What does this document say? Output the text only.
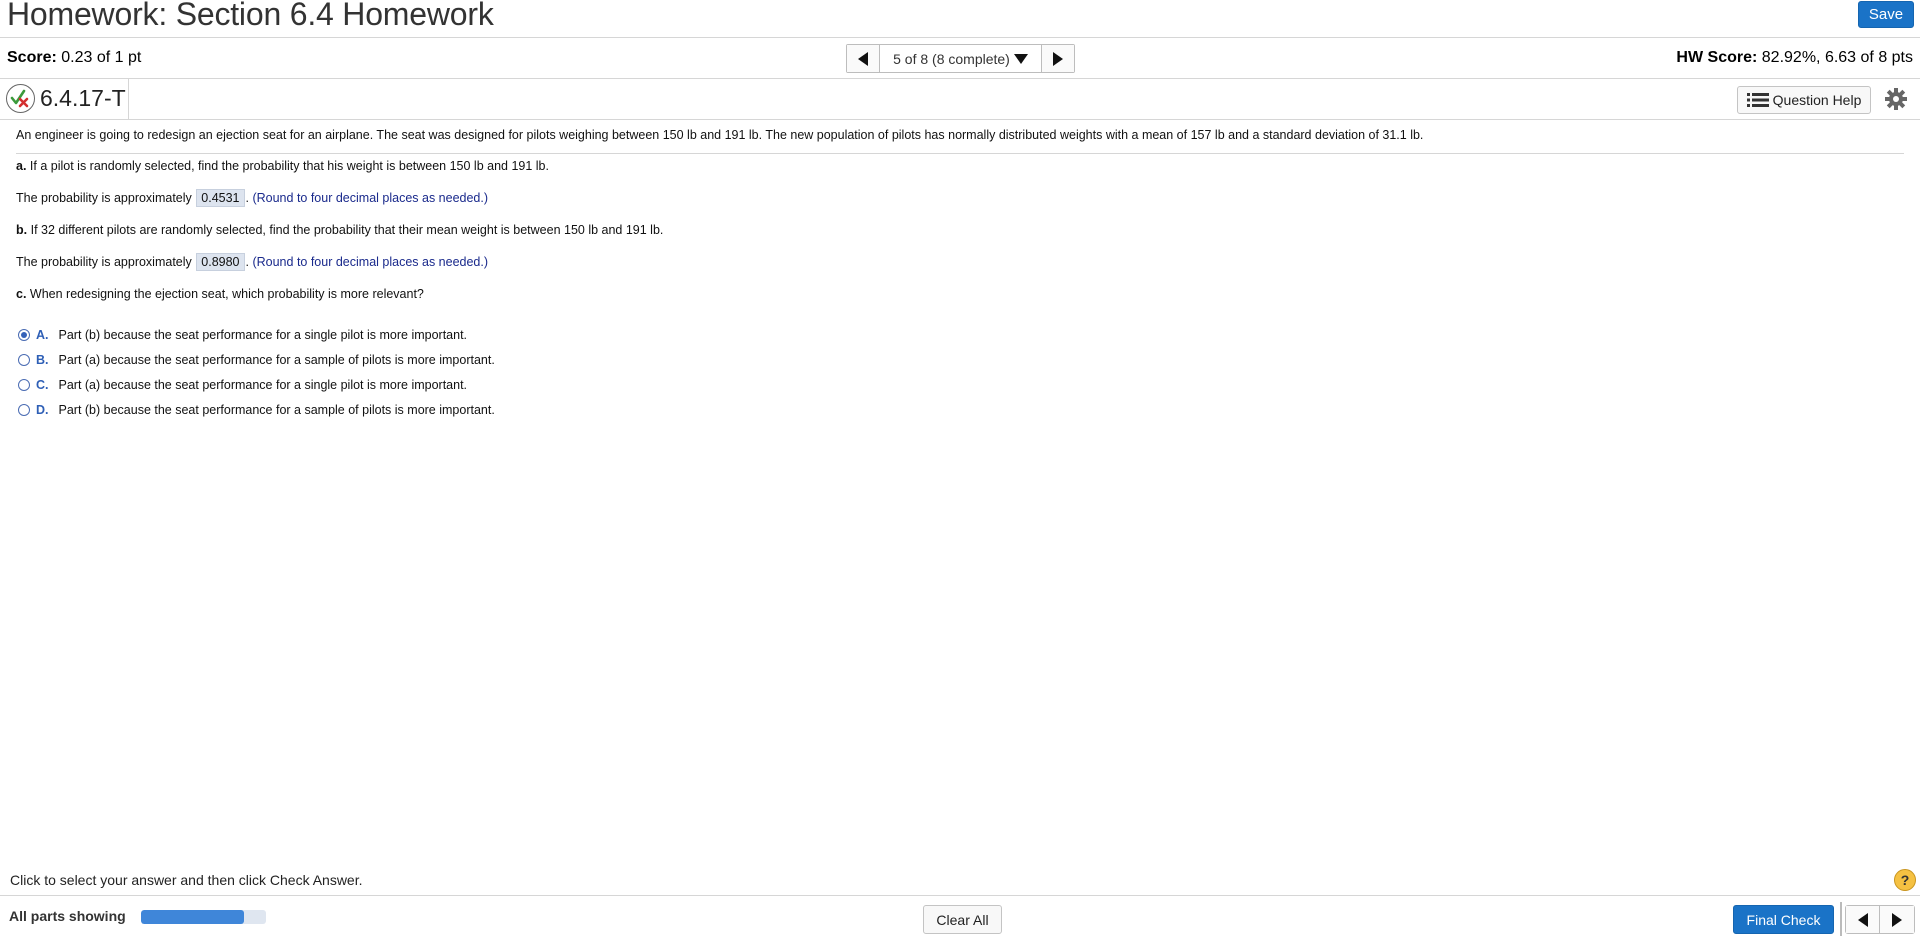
Homework: Section 6.4 Homework	Save
Score: 0.23 of 1 pt	5 of 8 (8 complete)	HW Score: 82.92%, 6.63 of 8 pts
6.4.17-T	Question Help
An engineer is going to redesign an ejection seat for an airplane. The seat was designed for pilots weighing between 150 lb and 191 lb. The new population of pilots has normally distributed weights with a mean of 157 lb and a standard deviation of 31.1 lb.
a. If a pilot is randomly selected, find the probability that his weight is between 150 lb and 191 lb.
The probability is approximately 0.4531 . (Round to four decimal places as needed.)
b. If 32 different pilots are randomly selected, find the probability that their mean weight is between 150 lb and 191 lb.
The probability is approximately 0.8980 . (Round to four decimal places as needed.)
c. When redesigning the ejection seat, which probability is more relevant?
A. Part (b) because the seat performance for a single pilot is more important.
B. Part (a) because the seat performance for a sample of pilots is more important.
C. Part (a) because the seat performance for a single pilot is more important.
D. Part (b) because the seat performance for a sample of pilots is more important.
Click to select your answer and then click Check Answer.	?
All parts showing	Clear All	Final Check
